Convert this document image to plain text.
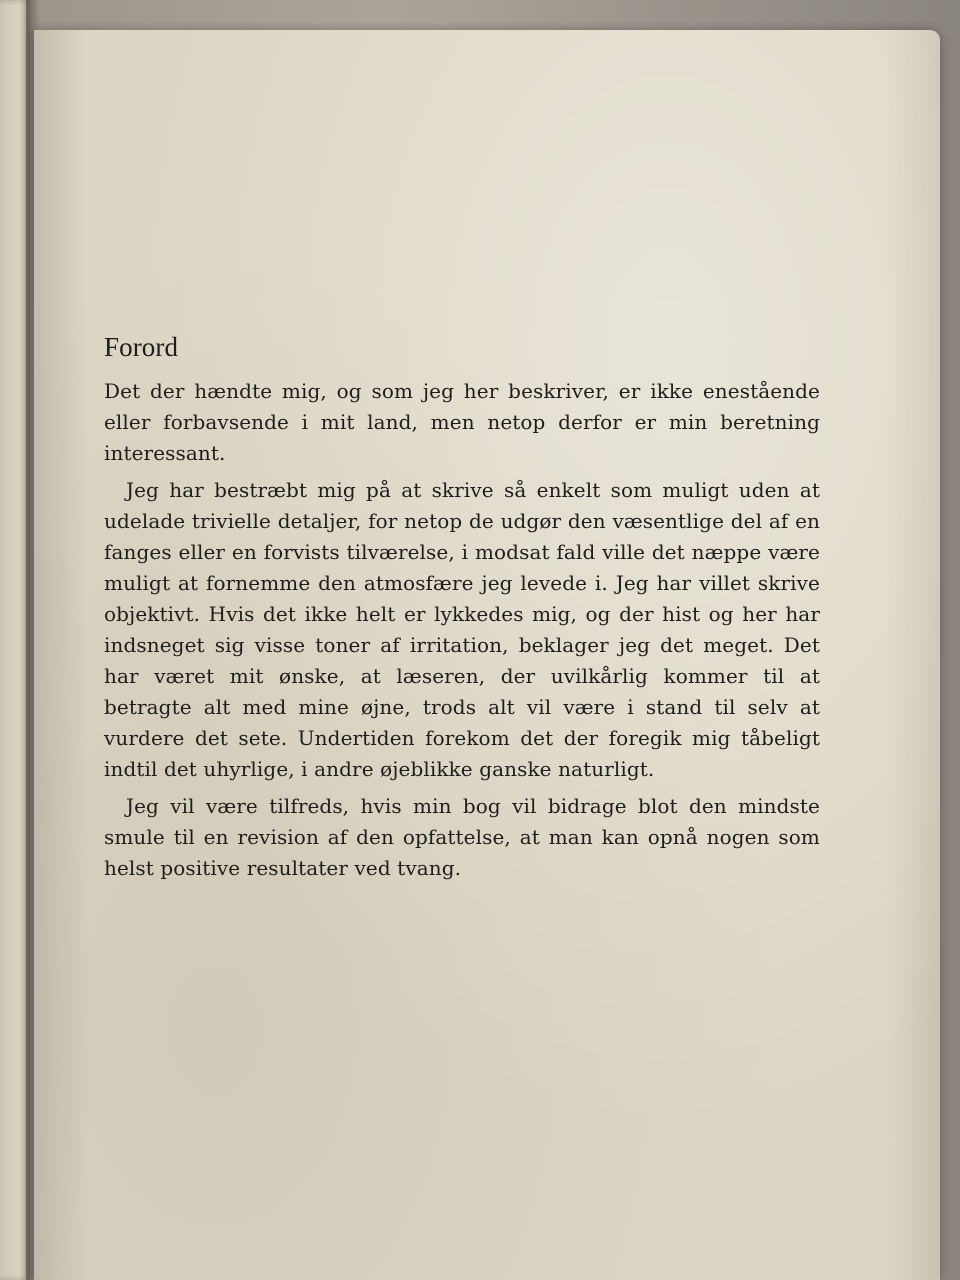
Forord

Det der hændte mig, og som jeg her beskriver, er ikke enestående eller forbavsende i mit land, men netop derfor er min beretning interessant.

Jeg har bestræbt mig på at skrive så enkelt som muligt uden at udelade trivielle detaljer, for netop de udgør den væsentlige del af en fanges eller en forvists tilværelse, i modsat fald ville det næppe være muligt at fornemme den atmosfære jeg levede i. Jeg har villet skrive objektivt. Hvis det ikke helt er lykkedes mig, og der hist og her har indsneget sig visse toner af irritation, beklager jeg det meget. Det har været mit ønske, at læseren, der uvilkårlig kommer til at betragte alt med mine øjne, trods alt vil være i stand til selv at vurdere det sete. Undertiden forekom det der foregik mig tåbeligt indtil det uhyrlige, i andre øjeblikke ganske naturligt.

Jeg vil være tilfreds, hvis min bog vil bidrage blot den mindste smule til en revision af den opfattelse, at man kan opnå nogen som helst positive resultater ved tvang.
